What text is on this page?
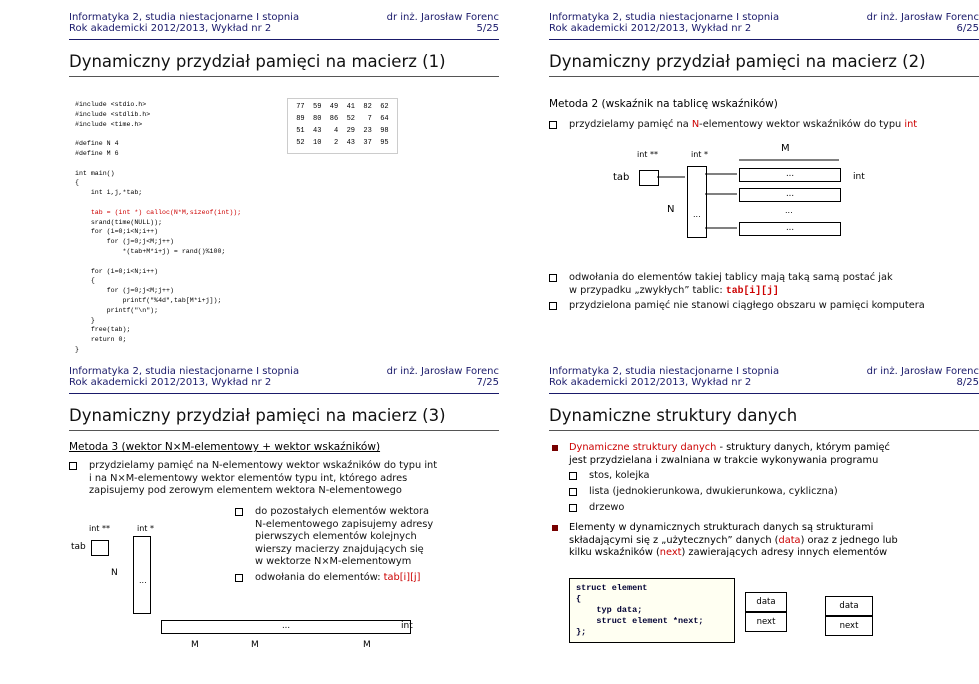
Informatyka 2, studia niestacjonarne I stopnia
Rok akademicki 2012/2013, Wykład nr 2
dr inż. Jarosław Forenc
5/25
Dynamiczny przydział pamięci na macierz (1)
#include <stdio.h>
#include <stdlib.h>
#include <time.h>

#define N 4
#define M 6

int main()
{
int i,j,*tab;

tab = (int *) calloc(N*M,sizeof(int));
srand(time(NULL));
for (i=0;i<N;i++)
for (j=0;j<M;j++)
*(tab+M*i+j) = rand()%100;

for (i=0;i<N;i++)
{
for (j=0;j<M;j++)
printf("%4d",tab[M*i+j]);
printf("\n");
}
free(tab);
return 0;
}
77  59  49  41  82  62
89  80  86  52   7  64
51  43   4  29  23  98
52  10   2  43  37  95
Informatyka 2, studia niestacjonarne I stopnia
Rok akademicki 2012/2013, Wykład nr 2
dr inż. Jarosław Forenc
6/25
Dynamiczny przydział pamięci na macierz (2)
Metoda 2 (wskaźnik na tablicę wskaźników)
przydzielamy pamięć na N-elementowy wektor wskaźników do typu int
int **	int *
M
tab
...
...
...
...
...
int
N
odwołania do elementów takiej tablicy mają taką samą postać jak
w przypadku „zwykłych” tablic: tab[i][j]
przydzielona pamięć nie stanowi ciągłego obszaru w pamięci komputera
Informatyka 2, studia niestacjonarne I stopnia
Rok akademicki 2012/2013, Wykład nr 2
dr inż. Jarosław Forenc
7/25
Dynamiczny przydział pamięci na macierz (3)
Metoda 3 (wektor N×M-elementowy + wektor wskaźników)
przydzielamy pamięć na N-elementowy wektor wskaźników do typu int
i na N×M-elementowy wektor elementów typu int, którego adres
zapisujemy pod zerowym elementem wektora N-elementowego
int **	int *
tab
...
N
...	int
M	M	M
do pozostałych elementów wektora
N-elementowego zapisujemy adresy
pierwszych elementów kolejnych
wierszy macierzy znajdujących się
w wektorze N×M-elementowym
odwołania do elementów: tab[i][j]
Informatyka 2, studia niestacjonarne I stopnia
Rok akademicki 2012/2013, Wykład nr 2
dr inż. Jarosław Forenc
8/25
Dynamiczne struktury danych
Dynamiczne struktury danych - struktury danych, którym pamięć
jest przydzielana i zwalniana w trakcie wykonywania programu
stos, kolejka
lista (jednokierunkowa, dwukierunkowa, cykliczna)
drzewo
Elementy w dynamicznych strukturach danych są strukturami
składającymi się z „użytecznych” danych (data) oraz z jednego lub
kilku wskaźników (next) zawierających adresy innych elementów
struct element
{
typ data;
struct element *next;
};
data
next
data
next
